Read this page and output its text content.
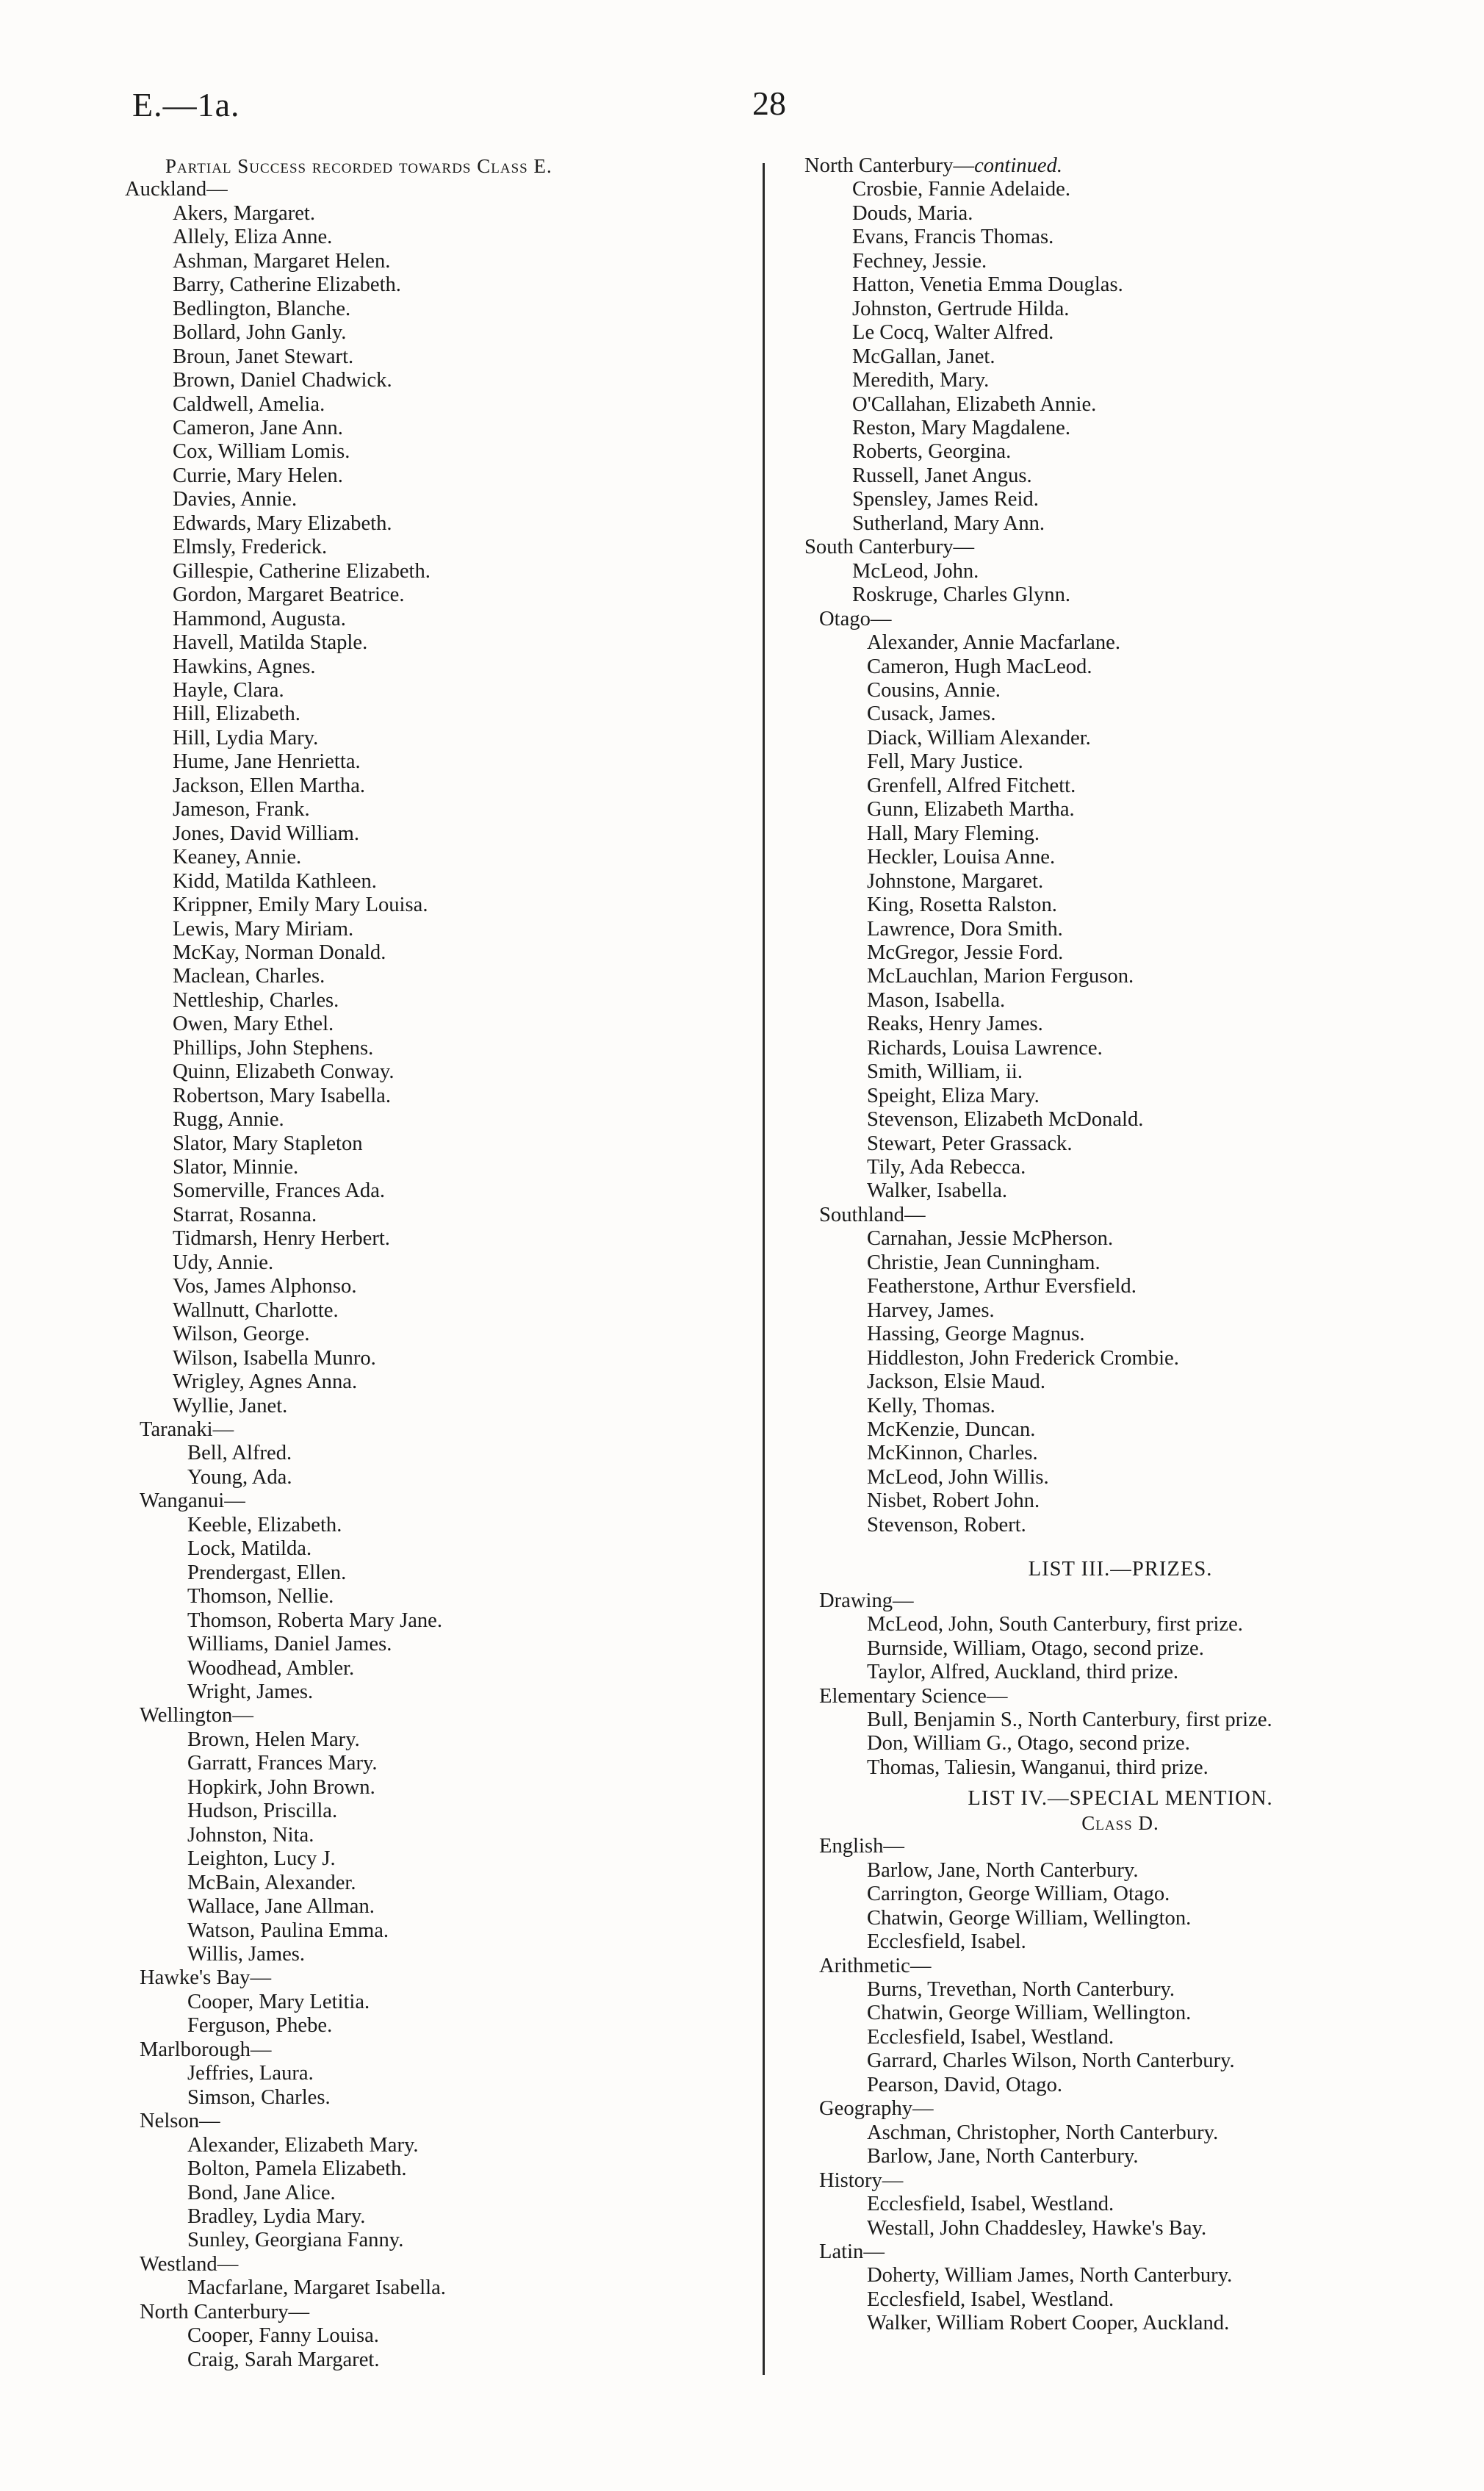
E.—1a.	28
Partial Success recorded towards Class E.
Auckland—
Akers, Margaret.
Allely, Eliza Anne.
Ashman, Margaret Helen.
Barry, Catherine Elizabeth.
Bedlington, Blanche.
Bollard, John Ganly.
Broun, Janet Stewart.
Brown, Daniel Chadwick.
Caldwell, Amelia.
Cameron, Jane Ann.
Cox, William Lomis.
Currie, Mary Helen.
Davies, Annie.
Edwards, Mary Elizabeth.
Elmsly, Frederick.
Gillespie, Catherine Elizabeth.
Gordon, Margaret Beatrice.
Hammond, Augusta.
Havell, Matilda Staple.
Hawkins, Agnes.
Hayle, Clara.
Hill, Elizabeth.
Hill, Lydia Mary.
Hume, Jane Henrietta.
Jackson, Ellen Martha.
Jameson, Frank.
Jones, David William.
Keaney, Annie.
Kidd, Matilda Kathleen.
Krippner, Emily Mary Louisa.
Lewis, Mary Miriam.
McKay, Norman Donald.
Maclean, Charles.
Nettleship, Charles.
Owen, Mary Ethel.
Phillips, John Stephens.
Quinn, Elizabeth Conway.
Robertson, Mary Isabella.
Rugg, Annie.
Slator, Mary Stapleton
Slator, Minnie.
Somerville, Frances Ada.
Starrat, Rosanna.
Tidmarsh, Henry Herbert.
Udy, Annie.
Vos, James Alphonso.
Wallnutt, Charlotte.
Wilson, George.
Wilson, Isabella Munro.
Wrigley, Agnes Anna.
Wyllie, Janet.
Taranaki—
Bell, Alfred.
Young, Ada.
Wanganui—
Keeble, Elizabeth.
Lock, Matilda.
Prendergast, Ellen.
Thomson, Nellie.
Thomson, Roberta Mary Jane.
Williams, Daniel James.
Woodhead, Ambler.
Wright, James.
Wellington—
Brown, Helen Mary.
Garratt, Frances Mary.
Hopkirk, John Brown.
Hudson, Priscilla.
Johnston, Nita.
Leighton, Lucy J.
McBain, Alexander.
Wallace, Jane Allman.
Watson, Paulina Emma.
Willis, James.
Hawke's Bay—
Cooper, Mary Letitia.
Ferguson, Phebe.
Marlborough—
Jeffries, Laura.
Simson, Charles.
Nelson—
Alexander, Elizabeth Mary.
Bolton, Pamela Elizabeth.
Bond, Jane Alice.
Bradley, Lydia Mary.
Sunley, Georgiana Fanny.
Westland—
Macfarlane, Margaret Isabella.
North Canterbury—
Cooper, Fanny Louisa.
Craig, Sarah Margaret.
North Canterbury—continued.
Crosbie, Fannie Adelaide.
Douds, Maria.
Evans, Francis Thomas.
Fechney, Jessie.
Hatton, Venetia Emma Douglas.
Johnston, Gertrude Hilda.
Le Cocq, Walter Alfred.
McGallan, Janet.
Meredith, Mary.
O'Callahan, Elizabeth Annie.
Reston, Mary Magdalene.
Roberts, Georgina.
Russell, Janet Angus.
Spensley, James Reid.
Sutherland, Mary Ann.
South Canterbury—
McLeod, John.
Roskruge, Charles Glynn.
Otago—
Alexander, Annie Macfarlane.
Cameron, Hugh MacLeod.
Cousins, Annie.
Cusack, James.
Diack, William Alexander.
Fell, Mary Justice.
Grenfell, Alfred Fitchett.
Gunn, Elizabeth Martha.
Hall, Mary Fleming.
Heckler, Louisa Anne.
Johnstone, Margaret.
King, Rosetta Ralston.
Lawrence, Dora Smith.
McGregor, Jessie Ford.
McLauchlan, Marion Ferguson.
Mason, Isabella.
Reaks, Henry James.
Richards, Louisa Lawrence.
Smith, William, ii.
Speight, Eliza Mary.
Stevenson, Elizabeth McDonald.
Stewart, Peter Grassack.
Tily, Ada Rebecca.
Walker, Isabella.
Southland—
Carnahan, Jessie McPherson.
Christie, Jean Cunningham.
Featherstone, Arthur Eversfield.
Harvey, James.
Hassing, George Magnus.
Hiddleston, John Frederick Crombie.
Jackson, Elsie Maud.
Kelly, Thomas.
McKenzie, Duncan.
McKinnon, Charles.
McLeod, John Willis.
Nisbet, Robert John.
Stevenson, Robert.
LIST III.—PRIZES.
Drawing—
McLeod, John, South Canterbury, first prize.
Burnside, William, Otago, second prize.
Taylor, Alfred, Auckland, third prize.
Elementary Science—
Bull, Benjamin S., North Canterbury, first prize.
Don, William G., Otago, second prize.
Thomas, Taliesin, Wanganui, third prize.
LIST IV.—SPECIAL MENTION.
Class D.
English—
Barlow, Jane, North Canterbury.
Carrington, George William, Otago.
Chatwin, George William, Wellington.
Ecclesfield, Isabel.
Arithmetic—
Burns, Trevethan, North Canterbury.
Chatwin, George William, Wellington.
Ecclesfield, Isabel, Westland.
Garrard, Charles Wilson, North Canterbury.
Pearson, David, Otago.
Geography—
Aschman, Christopher, North Canterbury.
Barlow, Jane, North Canterbury.
History—
Ecclesfield, Isabel, Westland.
Westall, John Chaddesley, Hawke's Bay.
Latin—
Doherty, William James, North Canterbury.
Ecclesfield, Isabel, Westland.
Walker, William Robert Cooper, Auckland.
